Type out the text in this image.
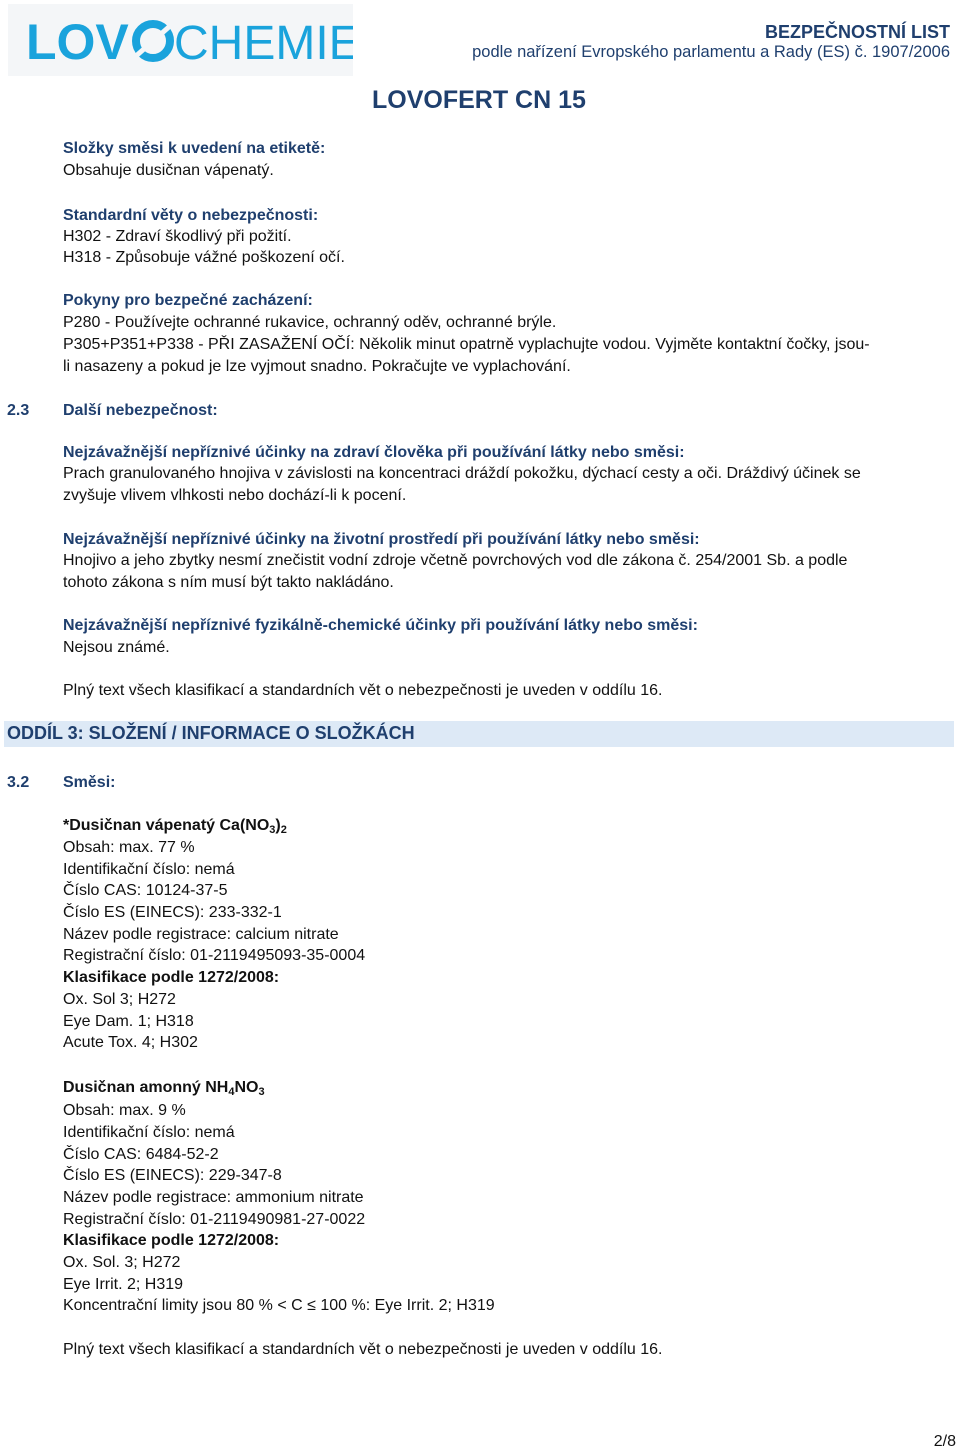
LOV CHEMIE	BEZPEČNOSTNÍ LIST
podle nařízení Evropského parlamentu a Rady (ES) č. 1907/2006
LOVOFERT CN 15
Složky směsi k uvedení na etiketě:
Obsahuje dusičnan vápenatý.
Standardní věty o nebezpečnosti:
H302 - Zdraví škodlivý při požití.
H318 - Způsobuje vážné poškození očí.
Pokyny pro bezpečné zacházení:
P280 - Používejte ochranné rukavice, ochranný oděv, ochranné brýle.
P305+P351+P338 - PŘI ZASAŽENÍ OČÍ: Několik minut opatrně vyplachujte vodou. Vyjměte kontaktní čočky, jsou-
li nasazeny a pokud je lze vyjmout snadno. Pokračujte ve vyplachování.
2.3 Další nebezpečnost:
Nejzávažnější nepříznivé účinky na zdraví člověka při používání látky nebo směsi:
Prach granulovaného hnojiva v závislosti na koncentraci dráždí pokožku, dýchací cesty a oči. Dráždivý účinek se
zvyšuje vlivem vlhkosti nebo dochází-li k pocení.
Nejzávažnější nepříznivé účinky na životní prostředí při používání látky nebo směsi:
Hnojivo a jeho zbytky nesmí znečistit vodní zdroje včetně povrchových vod dle zákona č. 254/2001 Sb. a podle
tohoto zákona s ním musí být takto nakládáno.
Nejzávažnější nepříznivé fyzikálně-chemické účinky při používání látky nebo směsi:
Nejsou známé.
Plný text všech klasifikací a standardních vět o nebezpečnosti je uveden v oddílu 16.
ODDÍL 3: SLOŽENÍ / INFORMACE O SLOŽKÁCH
3.2 Směsi:
*Dusičnan vápenatý $Ca(NO_3)_2$
Obsah: max. 77 %
Identifikační číslo: nemá
Číslo CAS: 10124-37-5
Číslo ES (EINECS): 233-332-1
Název podle registrace: calcium nitrate
Registrační číslo: 01-2119495093-35-0004
Klasifikace podle 1272/2008:
Ox. Sol 3; H272
Eye Dam. 1; H318
Acute Tox. 4; H302
Dusičnan amonný $NH_4NO_3$
Obsah: max. 9 %
Identifikační číslo: nemá
Číslo CAS: 6484-52-2
Číslo ES (EINECS): 229-347-8
Název podle registrace: ammonium nitrate
Registrační číslo: 01-2119490981-27-0022
Klasifikace podle 1272/2008:
Ox. Sol. 3; H272
Eye Irrit. 2; H319
Koncentrační limity jsou 80 % < C ≤ 100 %: Eye Irrit. 2; H319
Plný text všech klasifikací a standardních vět o nebezpečnosti je uveden v oddílu 16.
2/8
